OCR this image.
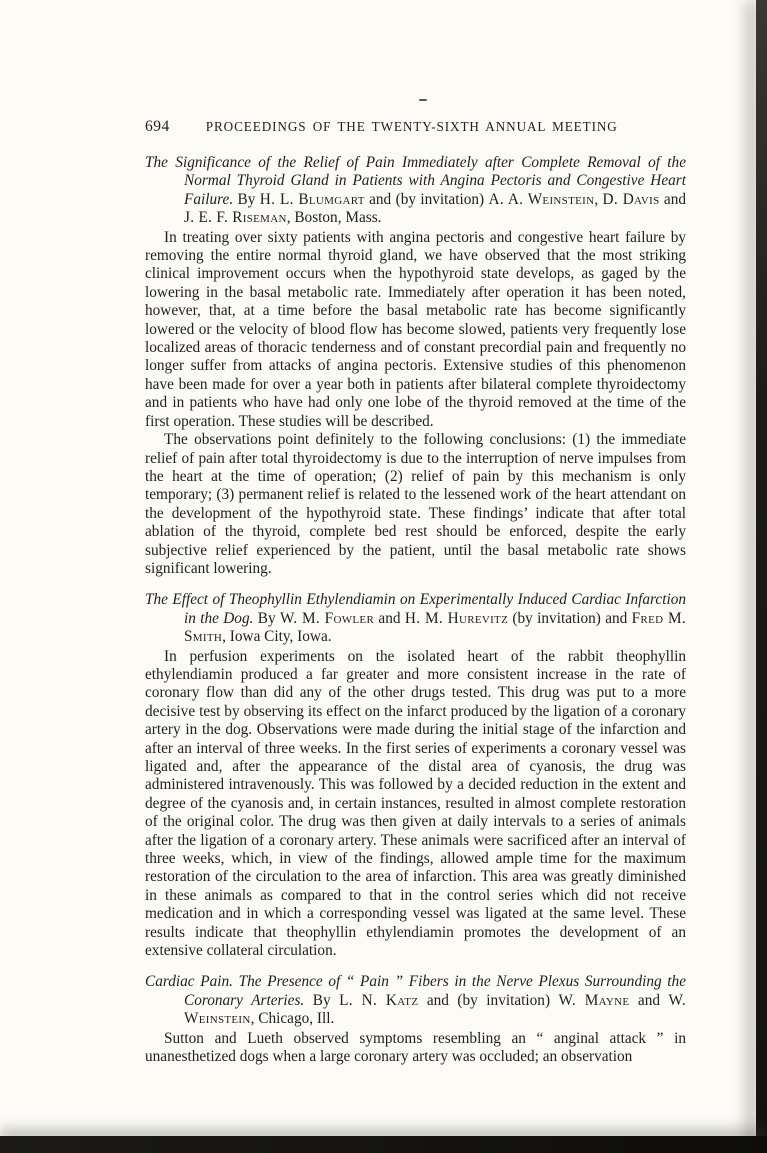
694	PROCEEDINGS OF THE TWENTY-SIXTH ANNUAL MEETING

The Significance of the Relief of Pain Immediately after Complete Removal of the Normal Thyroid Gland in Patients with Angina Pectoris and Congestive Heart Failure. By H. L. Blumgart and (by invitation) A. A. Weinstein, D. Davis and J. E. F. Riseman, Boston, Mass.

In treating over sixty patients with angina pectoris and congestive heart failure by removing the entire normal thyroid gland, we have observed that the most striking clinical improvement occurs when the hypothyroid state develops, as gaged by the lowering in the basal metabolic rate. Immediately after operation it has been noted, however, that, at a time before the basal metabolic rate has become significantly lowered or the velocity of blood flow has become slowed, patients very frequently lose localized areas of thoracic tenderness and of constant precordial pain and frequently no longer suffer from attacks of angina pectoris. Extensive studies of this phenomenon have been made for over a year both in patients after bilateral complete thyroidectomy and in patients who have had only one lobe of the thyroid removed at the time of the first operation. These studies will be described.

The observations point definitely to the following conclusions: (1) the immediate relief of pain after total thyroidectomy is due to the interruption of nerve impulses from the heart at the time of operation; (2) relief of pain by this mechanism is only temporary; (3) permanent relief is related to the lessened work of the heart attendant on the development of the hypothyroid state. These findings’ indicate that after total ablation of the thyroid, complete bed rest should be enforced, despite the early subjective relief experienced by the patient, until the basal metabolic rate shows significant lowering.

The Effect of Theophyllin Ethylendiamin on Experimentally Induced Cardiac Infarction in the Dog. By W. M. Fowler and H. M. Hurevitz (by invitation) and Fred M. Smith, Iowa City, Iowa.

In perfusion experiments on the isolated heart of the rabbit theophyllin ethylendiamin produced a far greater and more consistent increase in the rate of coronary flow than did any of the other drugs tested. This drug was put to a more decisive test by observing its effect on the infarct produced by the ligation of a coronary artery in the dog. Observations were made during the initial stage of the infarction and after an interval of three weeks. In the first series of experiments a coronary vessel was ligated and, after the appearance of the distal area of cyanosis, the drug was administered intravenously. This was followed by a decided reduction in the extent and degree of the cyanosis and, in certain instances, resulted in almost complete restoration of the original color. The drug was then given at daily intervals to a series of animals after the ligation of a coronary artery. These animals were sacrificed after an interval of three weeks, which, in view of the findings, allowed ample time for the maximum restoration of the circulation to the area of infarction. This area was greatly diminished in these animals as compared to that in the control series which did not receive medication and in which a corresponding vessel was ligated at the same level. These results indicate that theophyllin ethylendiamin promotes the development of an extensive collateral circulation.

Cardiac Pain. The Presence of “ Pain ” Fibers in the Nerve Plexus Surrounding the Coronary Arteries. By L. N. Katz and (by invitation) W. Mayne and W. Weinstein, Chicago, Ill.

Sutton and Lueth observed symptoms resembling an “ anginal attack ” in unanesthetized dogs when a large coronary artery was occluded; an observation
